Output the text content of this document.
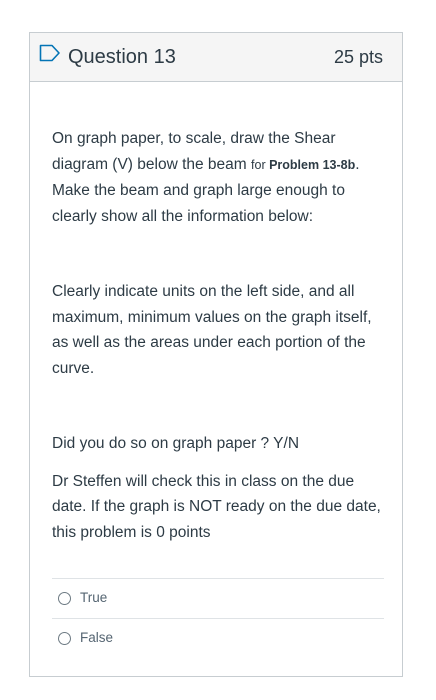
Question 13	25 pts

On graph paper, to scale, draw the Shear diagram (V) below the beam for Problem 13-8b. Make the beam and graph large enough to clearly show all the information below:

Clearly indicate units on the left side, and all maximum, minimum values on the graph itself, as well as the areas under each portion of the curve.

Did you do so on graph paper ? Y/N

Dr Steffen will check this in class on the due date. If the graph is NOT ready on the due date, this problem is 0 points

True
False
